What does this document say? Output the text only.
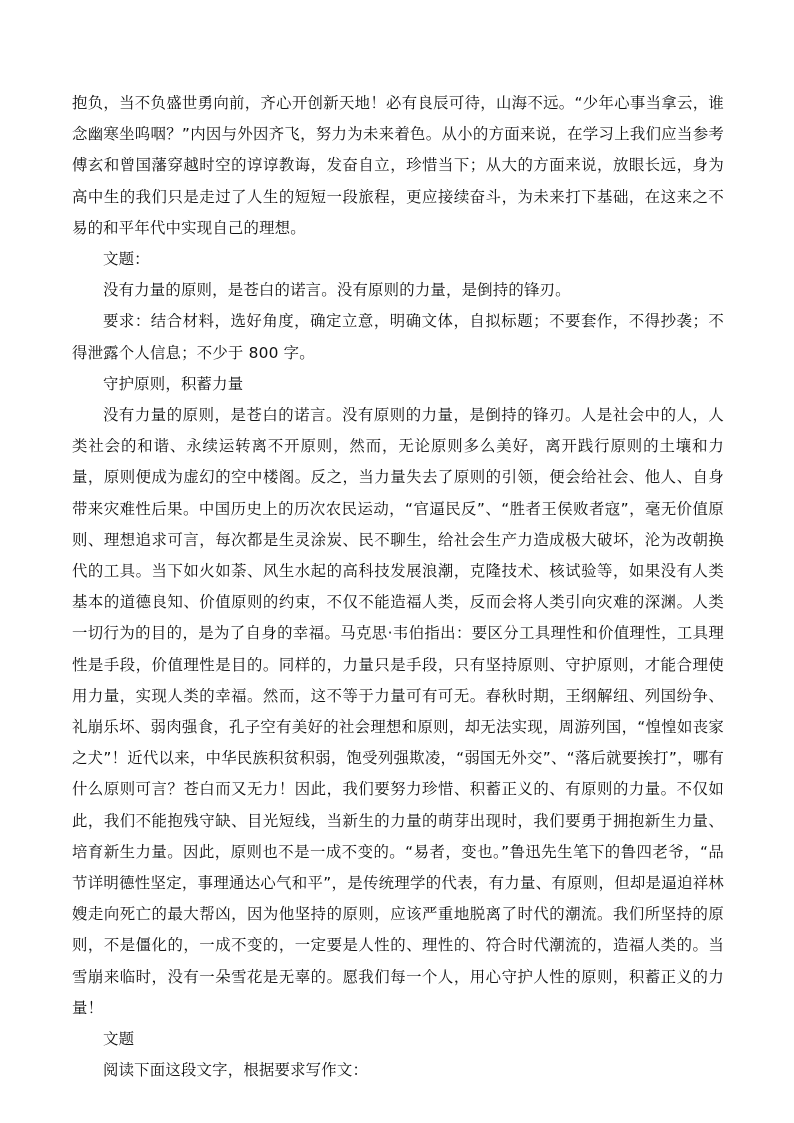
抱负，当不负盛世勇向前，齐心开创新天地！必有良辰可待，山海不远。“少年心事当拿云，谁念幽寒坐呜咽？”内因与外因齐飞，努力为未来着色。从小的方面来说，在学习上我们应当参考傅玄和曾国藩穿越时空的谆谆教诲，发奋自立，珍惜当下；从大的方面来说，放眼长远，身为高中生的我们只是走过了人生的短短一段旅程，更应接续奋斗，为未来打下基础，在这来之不易的和平年代中实现自己的理想。

文题：

没有力量的原则，是苍白的诺言。没有原则的力量，是倒持的锋刃。

要求：结合材料，选好角度，确定立意，明确文体，自拟标题；不要套作，不得抄袭；不得泄露个人信息；不少于 800 字。

守护原则，积蓄力量

没有力量的原则，是苍白的诺言。没有原则的力量，是倒持的锋刃。人是社会中的人，人类社会的和谐、永续运转离不开原则，然而，无论原则多么美好，离开践行原则的土壤和力量，原则便成为虚幻的空中楼阁。反之，当力量失去了原则的引领，便会给社会、他人、自身带来灾难性后果。中国历史上的历次农民运动，“官逼民反”、“胜者王侯败者寇”，毫无价值原则、理想追求可言，每次都是生灵涂炭、民不聊生，给社会生产力造成极大破坏，沦为改朝换代的工具。当下如火如荼、风生水起的高科技发展浪潮，克隆技术、核试验等，如果没有人类基本的道德良知、价值原则的约束，不仅不能造福人类，反而会将人类引向灾难的深渊。人类一切行为的目的，是为了自身的幸福。马克思·韦伯指出：要区分工具理性和价值理性，工具理性是手段，价值理性是目的。同样的，力量只是手段，只有坚持原则、守护原则，才能合理使用力量，实现人类的幸福。然而，这不等于力量可有可无。春秋时期，王纲解纽、列国纷争、礼崩乐坏、弱肉强食，孔子空有美好的社会理想和原则，却无法实现，周游列国，“惶惶如丧家之犬”！近代以来，中华民族积贫积弱，饱受列强欺凌，“弱国无外交”、“落后就要挨打”，哪有什么原则可言？苍白而又无力！因此，我们要努力珍惜、积蓄正义的、有原则的力量。不仅如此，我们不能抱残守缺、目光短线，当新生的力量的萌芽出现时，我们要勇于拥抱新生力量、培育新生力量。因此，原则也不是一成不变的。“易者，变也。”鲁迅先生笔下的鲁四老爷，“品节详明德性坚定，事理通达心气和平”，是传统理学的代表，有力量、有原则，但却是逼迫祥林嫂走向死亡的最大帮凶，因为他坚持的原则，应该严重地脱离了时代的潮流。我们所坚持的原则，不是僵化的，一成不变的，一定要是人性的、理性的、符合时代潮流的，造福人类的。当雪崩来临时，没有一朵雪花是无辜的。愿我们每一个人，用心守护人性的原则，积蓄正义的力量！

文题

阅读下面这段文字，根据要求写作文：
